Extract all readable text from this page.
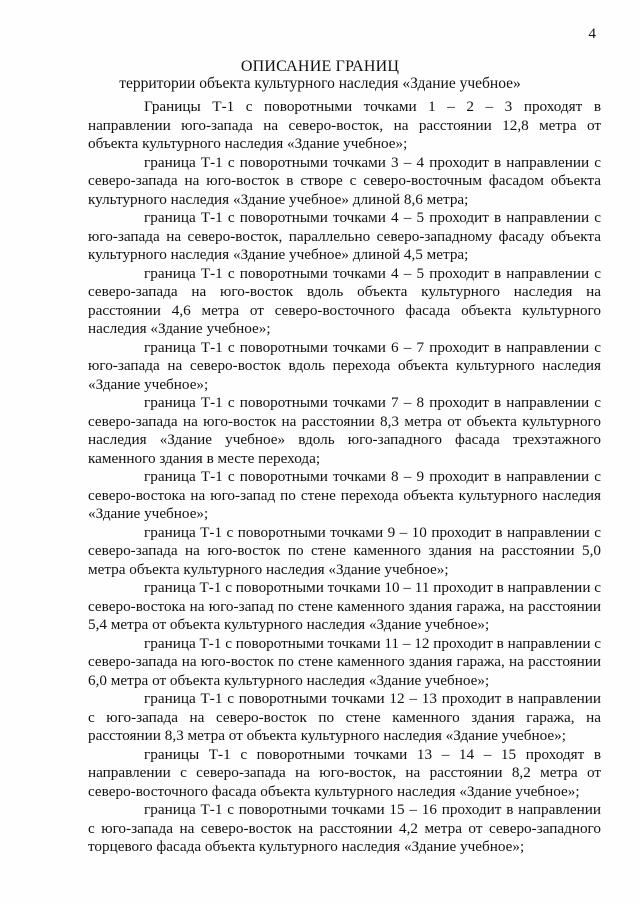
4
ОПИСАНИЕ ГРАНИЦ
территории объекта культурного наследия «Здание учебное»

Границы Т-1 с поворотными точками 1 – 2 – 3 проходят в направлении юго-запада на северо-восток, на расстоянии 12,8 метра от объекта культурного наследия «Здание учебное»;

граница Т-1 с поворотными точками 3 – 4 проходит в направлении с северо-запада на юго-восток в створе с северо-восточным фасадом объекта культурного наследия «Здание учебное» длиной 8,6 метра;

граница Т-1 с поворотными точками 4 – 5 проходит в направлении с юго-запада на северо-восток, параллельно северо-западному фасаду объекта культурного наследия «Здание учебное» длиной 4,5 метра;

граница Т-1 с поворотными точками 4 – 5 проходит в направлении с северо-запада на юго-восток вдоль объекта культурного наследия на расстоянии 4,6 метра от северо-восточного фасада объекта культурного наследия «Здание учебное»;

граница Т-1 с поворотными точками 6 – 7 проходит в направлении с юго-запада на северо-восток вдоль перехода объекта культурного наследия «Здание учебное»;

граница Т-1 с поворотными точками 7 – 8 проходит в направлении с северо-запада на юго-восток на расстоянии 8,3 метра от объекта культурного наследия «Здание учебное» вдоль юго-западного фасада трехэтажного каменного здания в месте перехода;

граница Т-1 с поворотными точками 8 – 9 проходит в направлении с северо-востока на юго-запад по стене перехода объекта культурного наследия «Здание учебное»;

граница Т-1 с поворотными точками 9 – 10 проходит в направлении с северо-запада на юго-восток по стене каменного здания на расстоянии 5,0 метра объекта культурного наследия «Здание учебное»;

граница Т-1 с поворотными точками 10 – 11 проходит в направлении с северо-востока на юго-запад по стене каменного здания гаража, на расстоянии 5,4 метра от объекта культурного наследия «Здание учебное»;

граница Т-1 с поворотными точками 11 – 12 проходит в направлении с северо-запада на юго-восток по стене каменного здания гаража, на расстоянии 6,0 метра от объекта культурного наследия «Здание учебное»;

граница Т-1 с поворотными точками 12 – 13 проходит в направлении с юго-запада на северо-восток по стене каменного здания гаража, на расстоянии 8,3 метра от объекта культурного наследия «Здание учебное»;

границы Т-1 с поворотными точками 13 – 14 – 15 проходят в направлении с северо-запада на юго-восток, на расстоянии 8,2 метра от северо-восточного фасада объекта культурного наследия «Здание учебное»;

граница Т-1 с поворотными точками 15 – 16 проходит в направлении с юго-запада на северо-восток на расстоянии 4,2 метра от северо-западного торцевого фасада объекта культурного наследия «Здание учебное»;
